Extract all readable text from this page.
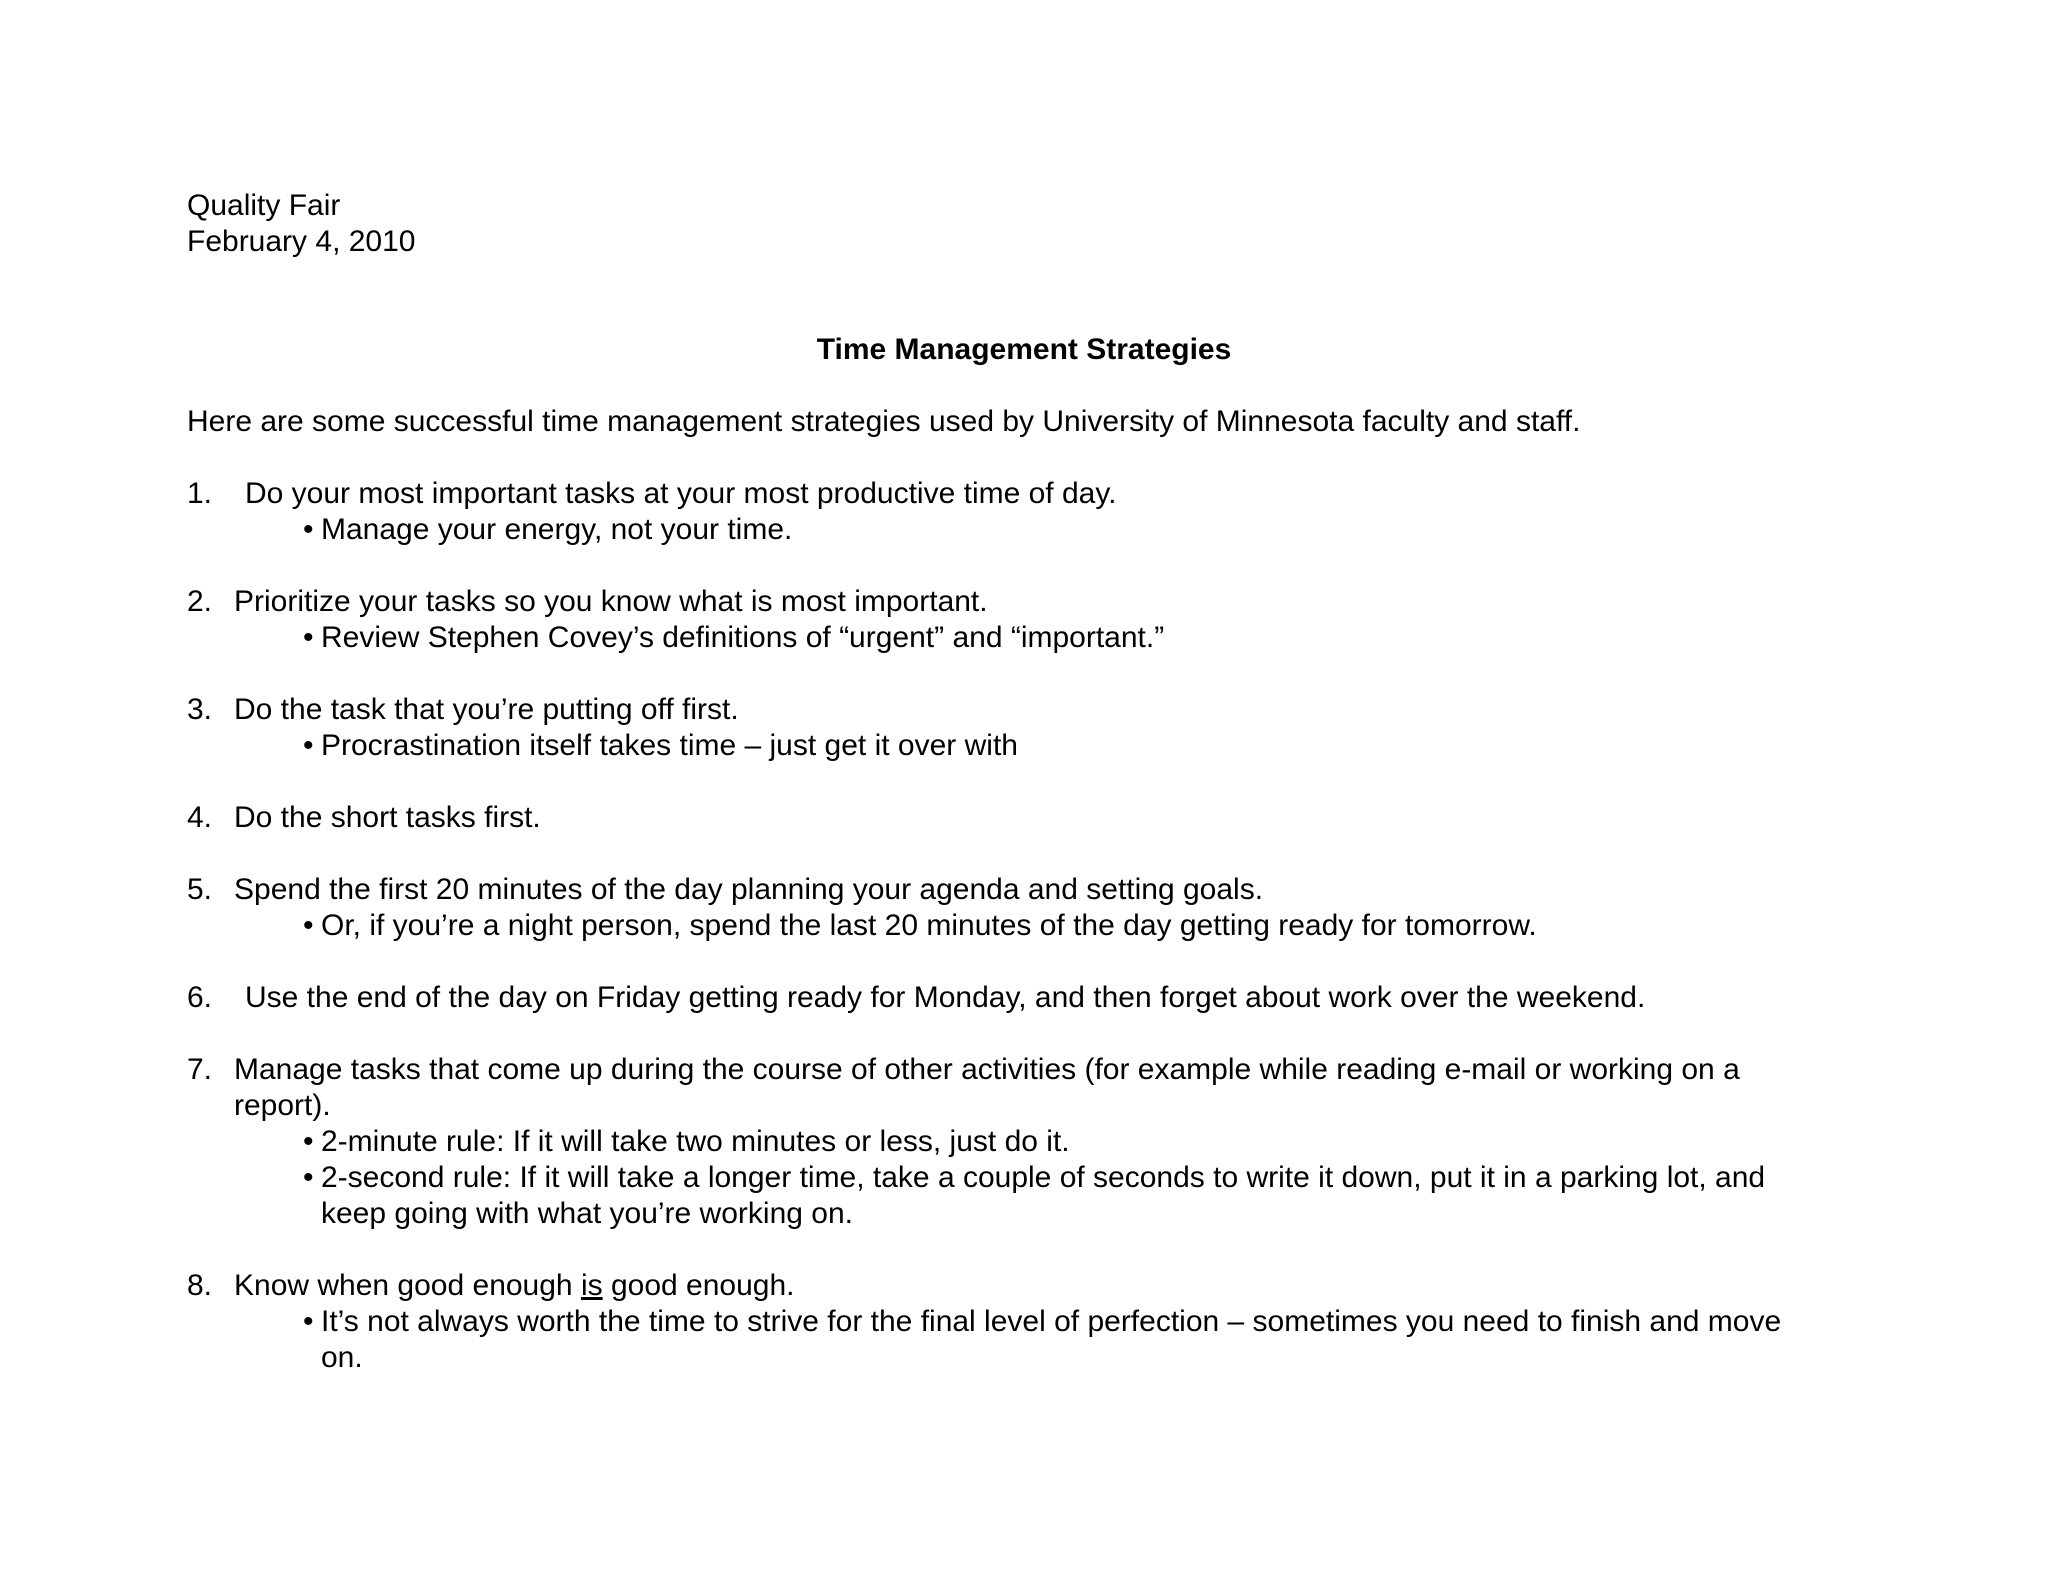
Quality Fair
February 4, 2010
Time Management Strategies
Here are some successful time management strategies used by University of Minnesota faculty and staff.
1. Do your most important tasks at your most productive time of day.
• Manage your energy, not your time.
2. Prioritize your tasks so you know what is most important.
• Review Stephen Covey’s definitions of “urgent” and “important.”
3. Do the task that you’re putting off first.
• Procrastination itself takes time – just get it over with
4. Do the short tasks first.
5. Spend the first 20 minutes of the day planning your agenda and setting goals.
• Or, if you’re a night person, spend the last 20 minutes of the day getting ready for tomorrow.
6. Use the end of the day on Friday getting ready for Monday, and then forget about work over the weekend.
7. Manage tasks that come up during the course of other activities (for example while reading e-mail or working on a report).
• 2-minute rule: If it will take two minutes or less, just do it.
• 2-second rule: If it will take a longer time, take a couple of seconds to write it down, put it in a parking lot, and keep going with what you’re working on.
8. Know when good enough is good enough.
• It’s not always worth the time to strive for the final level of perfection – sometimes you need to finish and move on.
